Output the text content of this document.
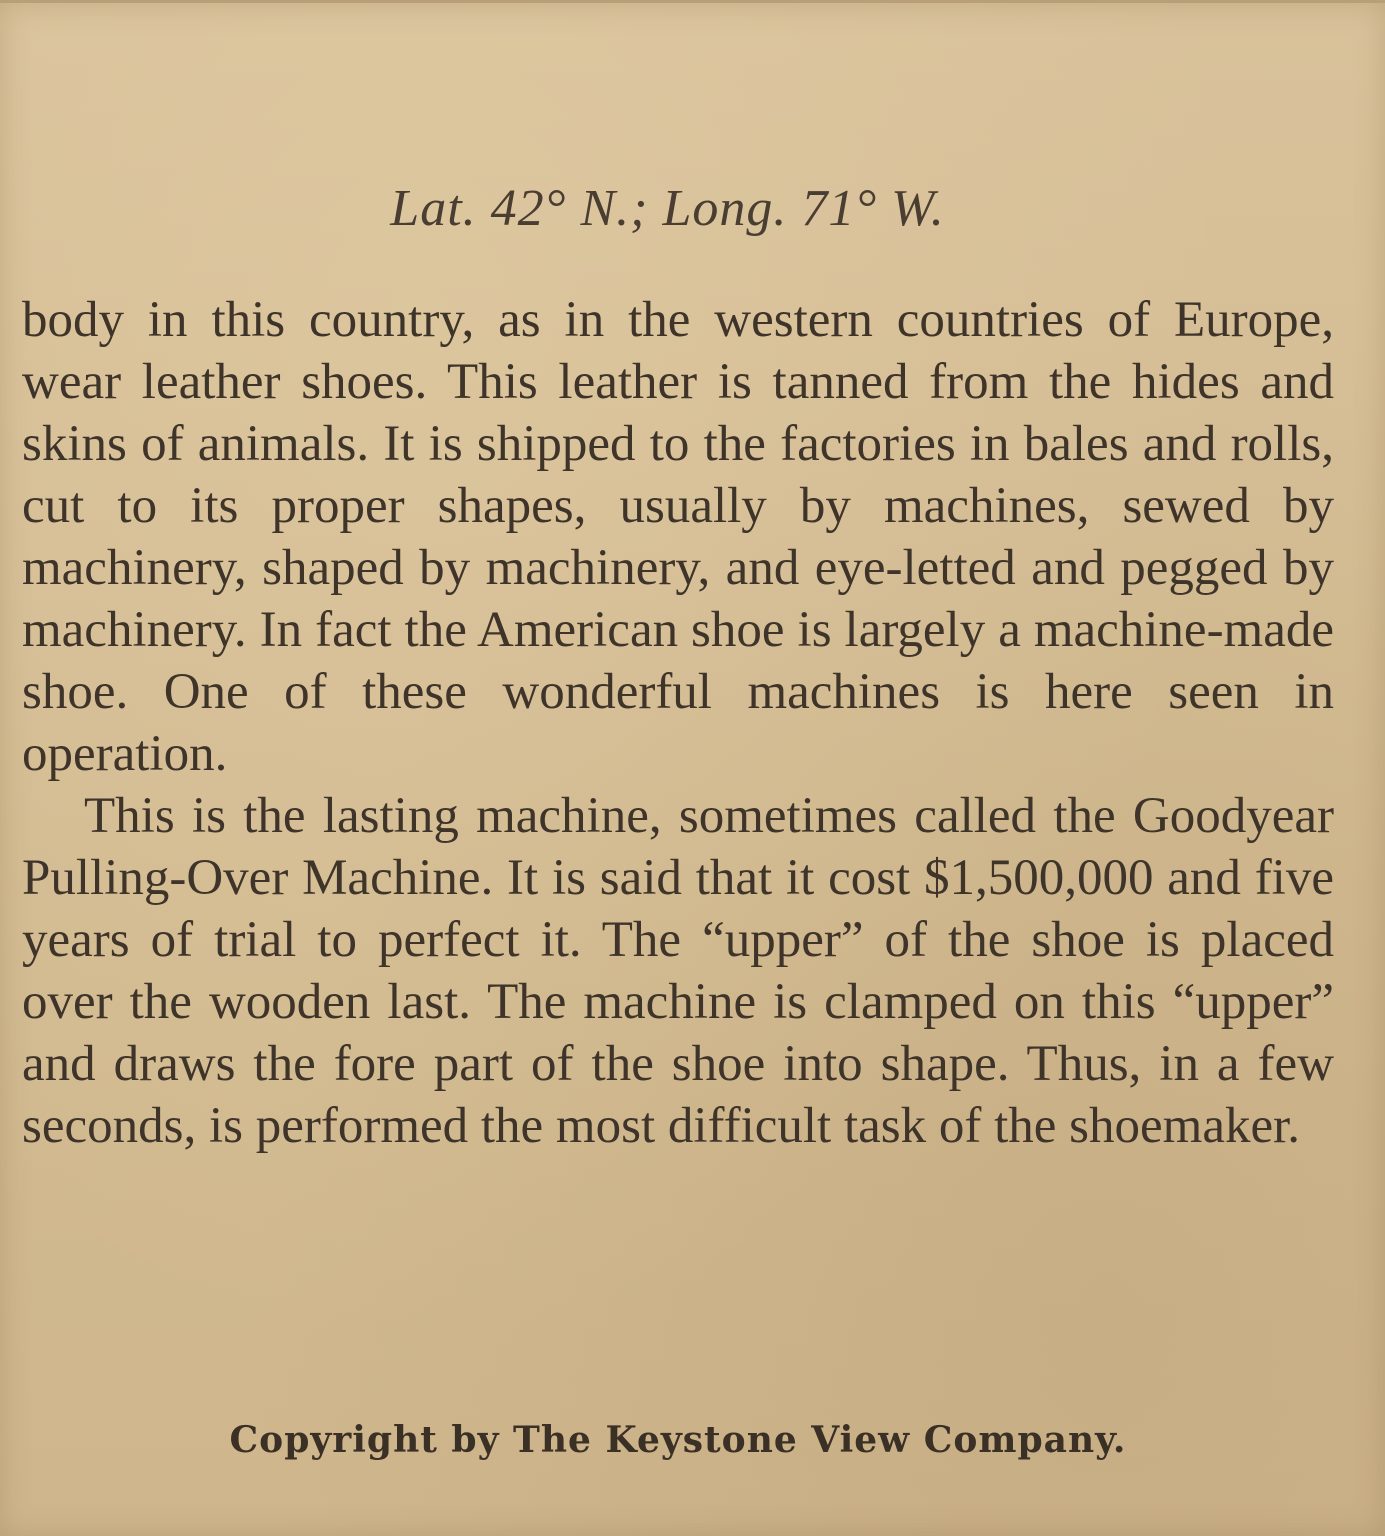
Lat. 42° N.; Long. 71° W.

body in this country, as in the western countries of Europe, wear leather shoes. This leather is tanned from the hides and skins of animals. It is shipped to the factories in bales and rolls, cut to its proper shapes, usually by machines, sewed by machinery, shaped by machinery, and eye-letted and pegged by machinery. In fact the American shoe is largely a machine-made shoe. One of these wonderful machines is here seen in operation.

This is the lasting machine, sometimes called the Goodyear Pulling-Over Machine. It is said that it cost $1,500,000 and five years of trial to perfect it. The “upper” of the shoe is placed over the wooden last. The machine is clamped on this “upper” and draws the fore part of the shoe into shape. Thus, in a few seconds, is performed the most difficult task of the shoemaker.

Copyright by The Keystone View Company.
